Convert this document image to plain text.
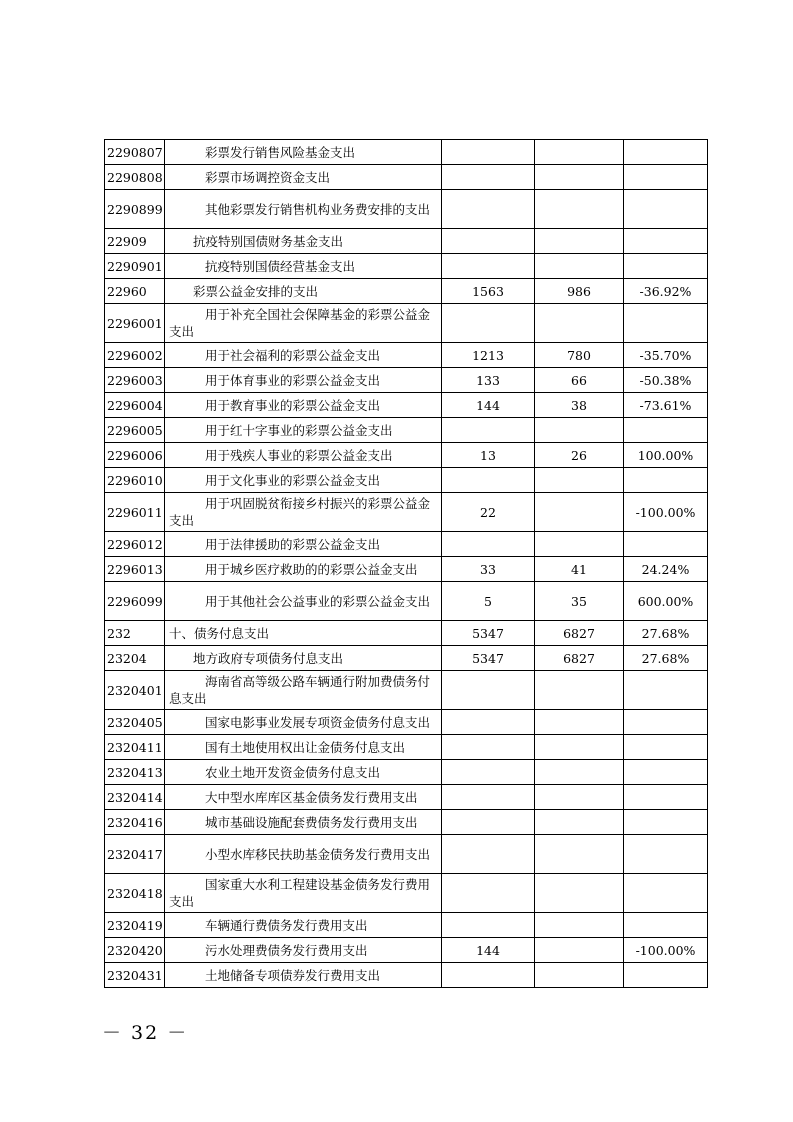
2290807	彩票发行销售风险基金支出			
2290808	彩票市场调控资金支出			
2290899	其他彩票发行销售机构业务费安排的支出			
22909	抗疫特别国债财务基金支出			
2290901	抗疫特别国债经营基金支出			
22960	彩票公益金安排的支出	1563	986	-36.92%
2296001	用于补充全国社会保障基金的彩票公益金支出			
2296002	用于社会福利的彩票公益金支出	1213	780	-35.70%
2296003	用于体育事业的彩票公益金支出	133	66	-50.38%
2296004	用于教育事业的彩票公益金支出	144	38	-73.61%
2296005	用于红十字事业的彩票公益金支出			
2296006	用于残疾人事业的彩票公益金支出	13	26	100.00%
2296010	用于文化事业的彩票公益金支出			
2296011	用于巩固脱贫衔接乡村振兴的彩票公益金支出	22		-100.00%
2296012	用于法律援助的彩票公益金支出			
2296013	用于城乡医疗救助的的彩票公益金支出	33	41	24.24%
2296099	用于其他社会公益事业的彩票公益金支出	5	35	600.00%
232	十、债务付息支出	5347	6827	27.68%
23204	地方政府专项债务付息支出	5347	6827	27.68%
2320401	海南省高等级公路车辆通行附加费债务付息支出			
2320405	国家电影事业发展专项资金债务付息支出			
2320411	国有土地使用权出让金债务付息支出			
2320413	农业土地开发资金债务付息支出			
2320414	大中型水库库区基金债务发行费用支出			
2320416	城市基础设施配套费债务发行费用支出			
2320417	小型水库移民扶助基金债务发行费用支出			
2320418	国家重大水利工程建设基金债务发行费用支出			
2320419	车辆通行费债务发行费用支出			
2320420	污水处理费债务发行费用支出	144		-100.00%
2320431	土地储备专项债券发行费用支出			
－ 32 －
